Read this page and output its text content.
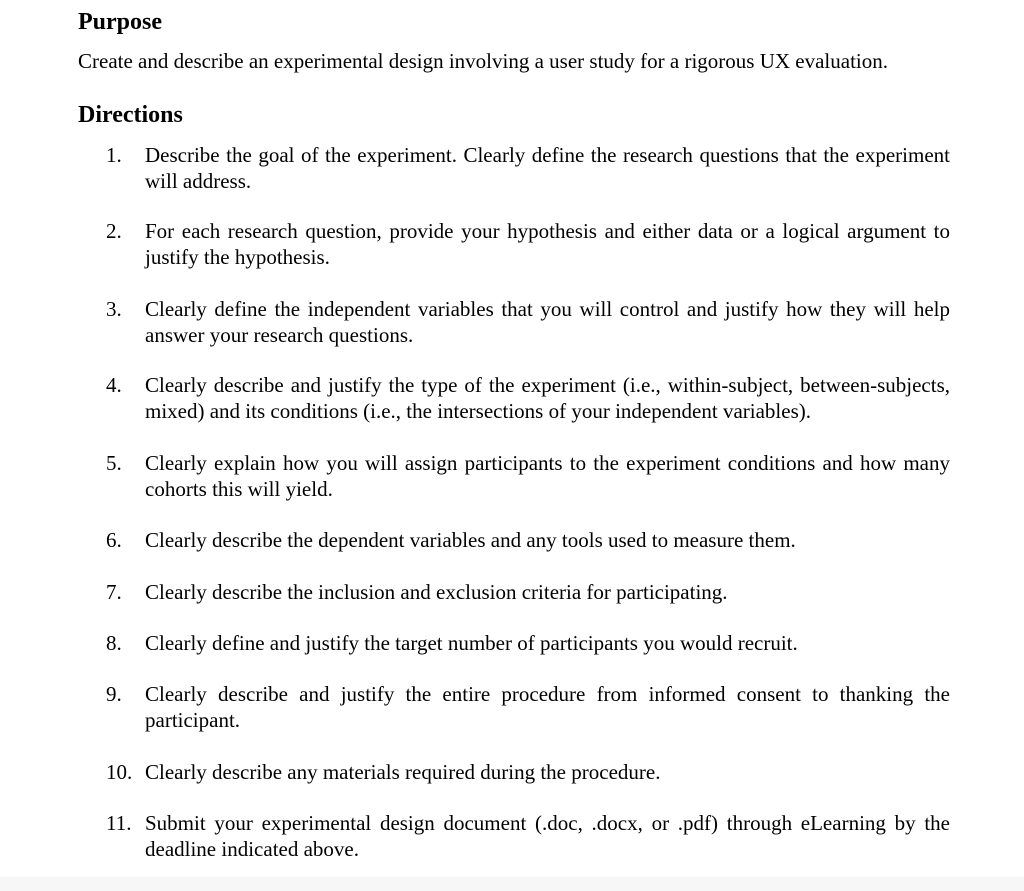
Purpose

Create and describe an experimental design involving a user study for a rigorous UX evaluation.

Directions
1.	Describe the goal of the experiment. Clearly define the research questions that the experiment will address.

2.	For each research question, provide your hypothesis and either data or a logical argument to justify the hypothesis.

3.	Clearly define the independent variables that you will control and justify how they will help answer your research questions.

4.	Clearly describe and justify the type of the experiment (i.e., within-subject, between-subjects, mixed) and its conditions (i.e., the intersections of your independent variables).

5.	Clearly explain how you will assign participants to the experiment conditions and how many cohorts this will yield.

6.	Clearly describe the dependent variables and any tools used to measure them.

7.	Clearly describe the inclusion and exclusion criteria for participating.

8.	Clearly define and justify the target number of participants you would recruit.

9.	Clearly describe and justify the entire procedure from informed consent to thanking the participant.

10. Clearly describe any materials required during the procedure.

11. Submit your experimental design document (.doc, .docx, or .pdf) through eLearning by the deadline indicated above.
